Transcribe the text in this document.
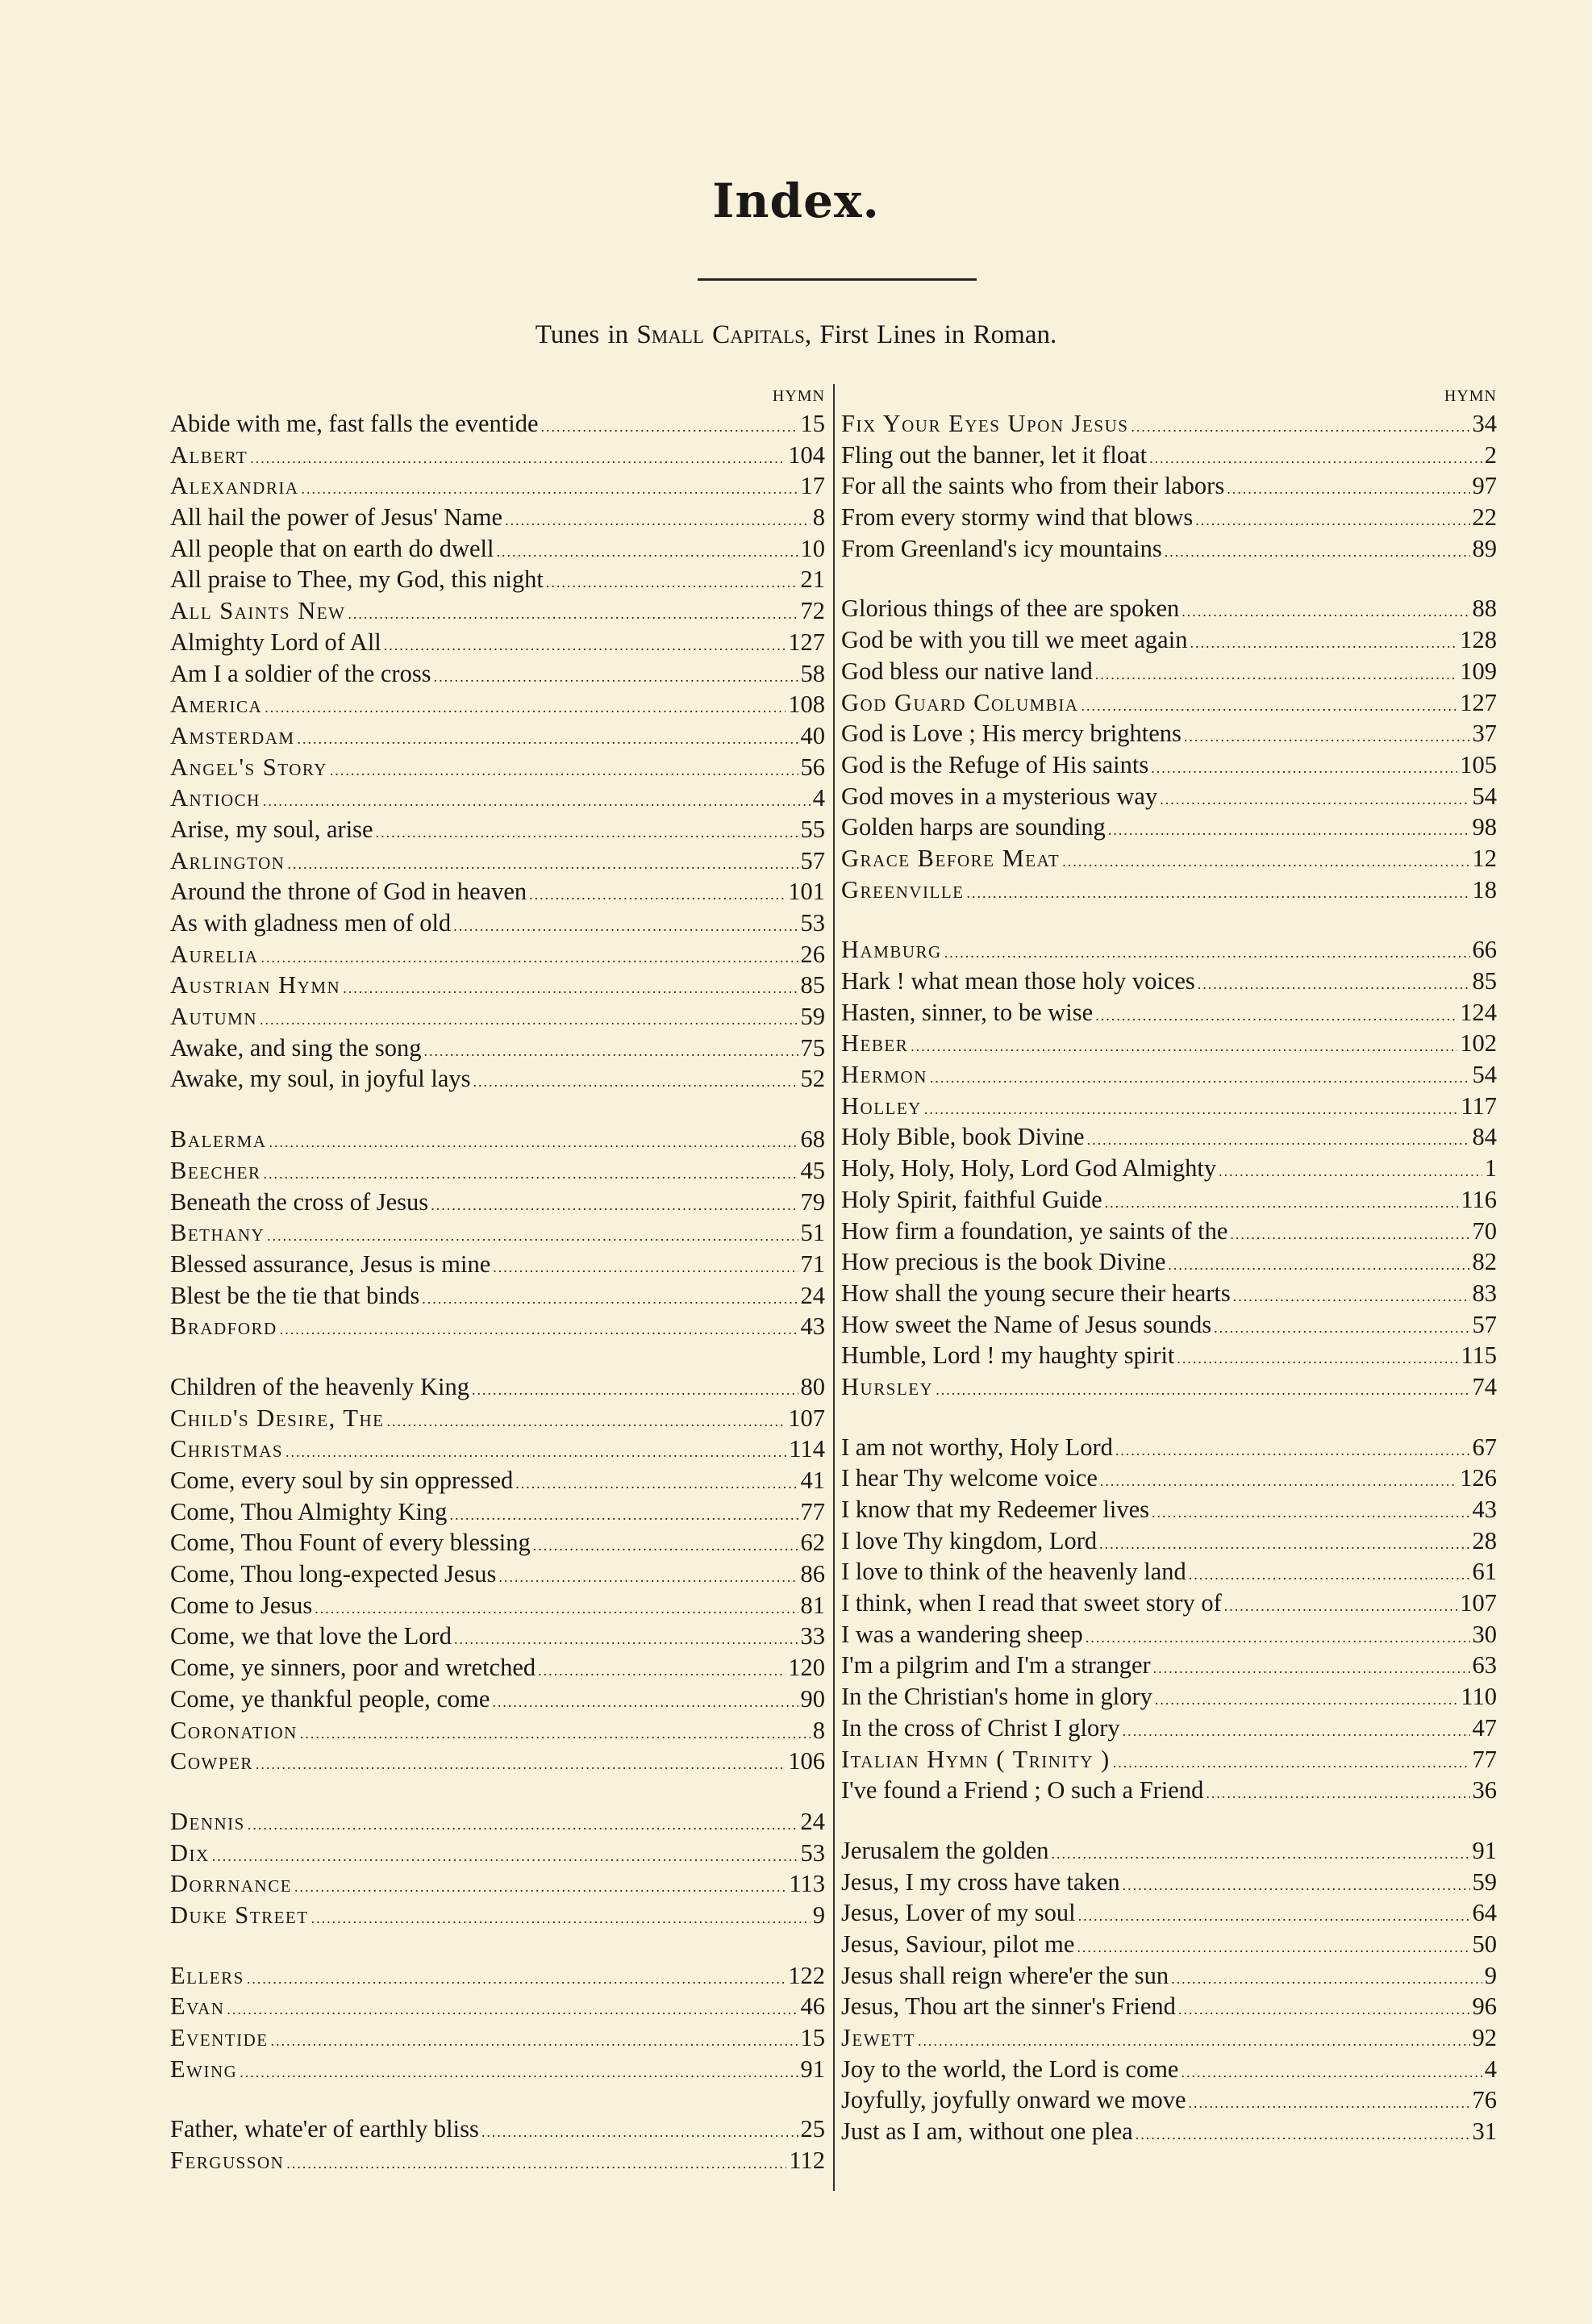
Index.
Tunes in Small Capitals, First Lines in Roman.
HYMN
Abide with me, fast falls the eventide .....	15
Albert .....	104
Alexandria .....	17
All hail the power of Jesus' Name .....	8
All people that on earth do dwell .....	10
All praise to Thee, my God, this night .....	21
All Saints New .....	72
Almighty Lord of All .....	127
Am I a soldier of the cross .....	58
America .....	108
Amsterdam .....	40
Angel's Story .....	56
Antioch .....	4
Arise, my soul, arise .....	55
Arlington .....	57
Around the throne of God in heaven .....	101
As with gladness men of old .....	53
Aurelia .....	26
Austrian Hymn .....	85
Autumn .....	59
Awake, and sing the song .....	75
Awake, my soul, in joyful lays .....	52
Balerma .....	68
Beecher .....	45
Beneath the cross of Jesus .....	79
Bethany .....	51
Blessed assurance, Jesus is mine .....	71
Blest be the tie that binds .....	24
Bradford .....	43
Children of the heavenly King .....	80
Child's Desire, The .....	107
Christmas .....	114
Come, every soul by sin oppressed .....	41
Come, Thou Almighty King .....	77
Come, Thou Fount of every blessing .....	62
Come, Thou long-expected Jesus .....	86
Come to Jesus .....	81
Come, we that love the Lord .....	33
Come, ye sinners, poor and wretched .....	120
Come, ye thankful people, come .....	90
Coronation .....	8
Cowper .....	106
Dennis .....	24
Dix .....	53
Dorrnance .....	113
Duke Street .....	9
Ellers .....	122
Evan .....	46
Eventide .....	15
Ewing .....	91
Father, whate'er of earthly bliss .....	25
Fergusson .....	112
HYMN
Fix Your Eyes Upon Jesus .....	34
Fling out the banner, let it float .....	2
For all the saints who from their labors .....	97
From every stormy wind that blows .....	22
From Greenland's icy mountains .....	89
Glorious things of thee are spoken .....	88
God be with you till we meet again .....	128
God bless our native land .....	109
God Guard Columbia .....	127
God is Love ; His mercy brightens .....	37
God is the Refuge of His saints .....	105
God moves in a mysterious way .....	54
Golden harps are sounding .....	98
Grace Before Meat .....	12
Greenville .....	18
Hamburg .....	66
Hark ! what mean those holy voices .....	85
Hasten, sinner, to be wise .....	124
Heber .....	102
Hermon .....	54
Holley .....	117
Holy Bible, book Divine .....	84
Holy, Holy, Holy, Lord God Almighty .....	1
Holy Spirit, faithful Guide .....	116
How firm a foundation, ye saints of the .....	70
How precious is the book Divine .....	82
How shall the young secure their hearts .....	83
How sweet the Name of Jesus sounds .....	57
Humble, Lord ! my haughty spirit .....	115
Hursley .....	74
I am not worthy, Holy Lord .....	67
I hear Thy welcome voice .....	126
I know that my Redeemer lives .....	43
I love Thy kingdom, Lord .....	28
I love to think of the heavenly land .....	61
I think, when I read that sweet story of .....	107
I was a wandering sheep .....	30
I'm a pilgrim and I'm a stranger .....	63
In the Christian's home in glory .....	110
In the cross of Christ I glory .....	47
Italian Hymn ( Trinity ) .....	77
I've found a Friend ; O such a Friend .....	36
Jerusalem the golden .....	91
Jesus, I my cross have taken .....	59
Jesus, Lover of my soul .....	64
Jesus, Saviour, pilot me .....	50
Jesus shall reign where'er the sun .....	9
Jesus, Thou art the sinner's Friend .....	96
Jewett .....	92
Joy to the world, the Lord is come .....	4
Joyfully, joyfully onward we move .....	76
Just as I am, without one plea .....	31
